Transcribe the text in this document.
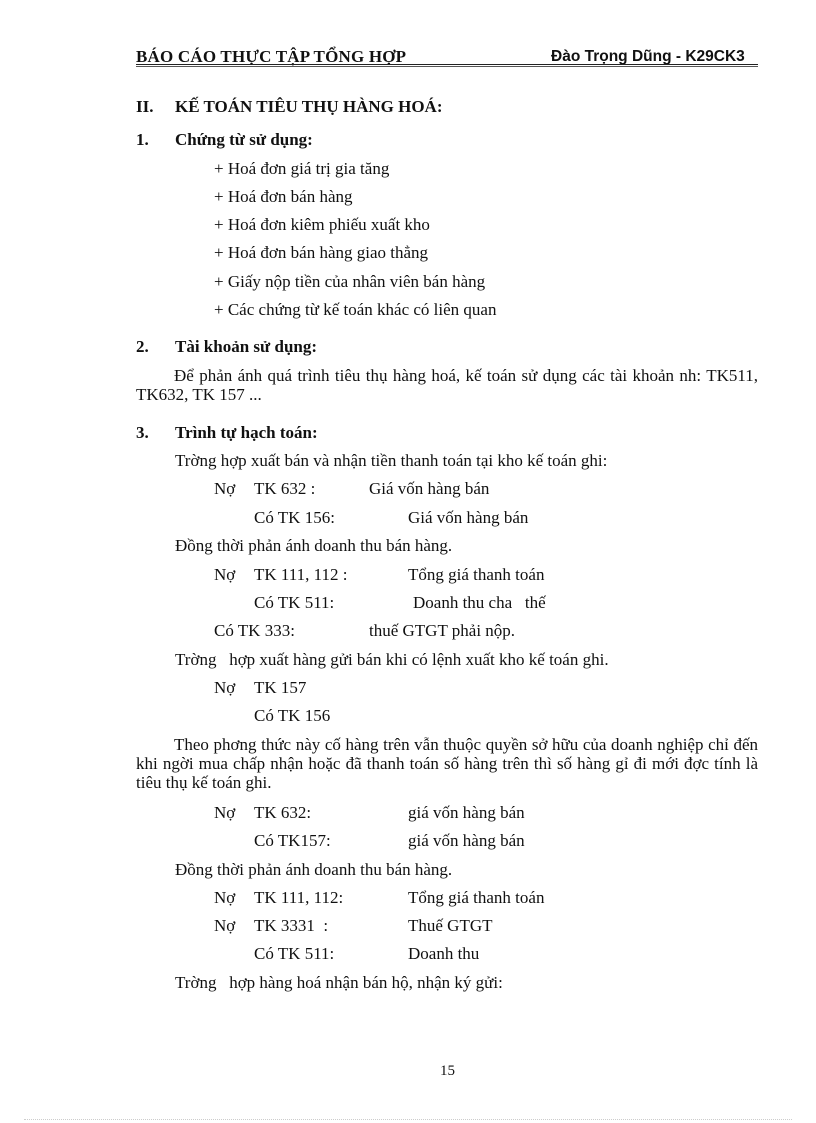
BÁO CÁO THỰC TẬP TỔNG HỢP	Đào Trọng Dũng - K29CK3
II. KẾ TOÁN TIÊU THỤ HÀNG HOÁ:
1. Chứng từ sử dụng:
+ Hoá đơn giá trị gia tăng
+ Hoá đơn bán hàng
+ Hoá đơn kiêm phiếu xuất kho
+ Hoá đơn bán hàng giao thẳng
+ Giấy nộp tiền của nhân viên bán hàng
+ Các chứng từ kế toán khác có liên quan
2. Tài khoản sử dụng:
Để phản ánh quá trình tiêu thụ hàng hoá, kế toán sử dụng các tài khoản nh: TK511, TK632, TK 157 ...
3. Trình tự hạch toán:
Trờng hợp xuất bán và nhận tiền thanh toán tại kho kế toán ghi:
Nợ TK 632 :	Giá vốn hàng bán
Có TK 156:	Giá vốn hàng bán
Đồng thời phản ánh doanh thu bán hàng.
Nợ TK 111, 112 :	Tổng giá thanh toán
Có TK 511:	Doanh thu cha   thế
Có TK 333:	thuế GTGT phải nộp.
Trờng   hợp xuất hàng gửi bán khi có lệnh xuất kho kế toán ghi.
Nợ TK 157
Có TK 156
Theo phơng thức này cố hàng trên vẫn thuộc quyền sở hữu của doanh nghiệp chỉ đến khi ngời mua chấp nhận hoặc đã thanh toán số hàng trên thì số hàng gỉ đi mới đợc tính là tiêu thụ kế toán ghi.
Nợ TK 632:	giá vốn hàng bán
Có TK157:	giá vốn hàng bán
Đồng thời phản ánh doanh thu bán hàng.
Nợ TK 111, 112:	Tổng giá thanh toán
Nợ TK 3331  :	Thuế GTGT
Có TK 511:	Doanh thu
Trờng   hợp hàng hoá nhận bán hộ, nhận ký gửi:
15
